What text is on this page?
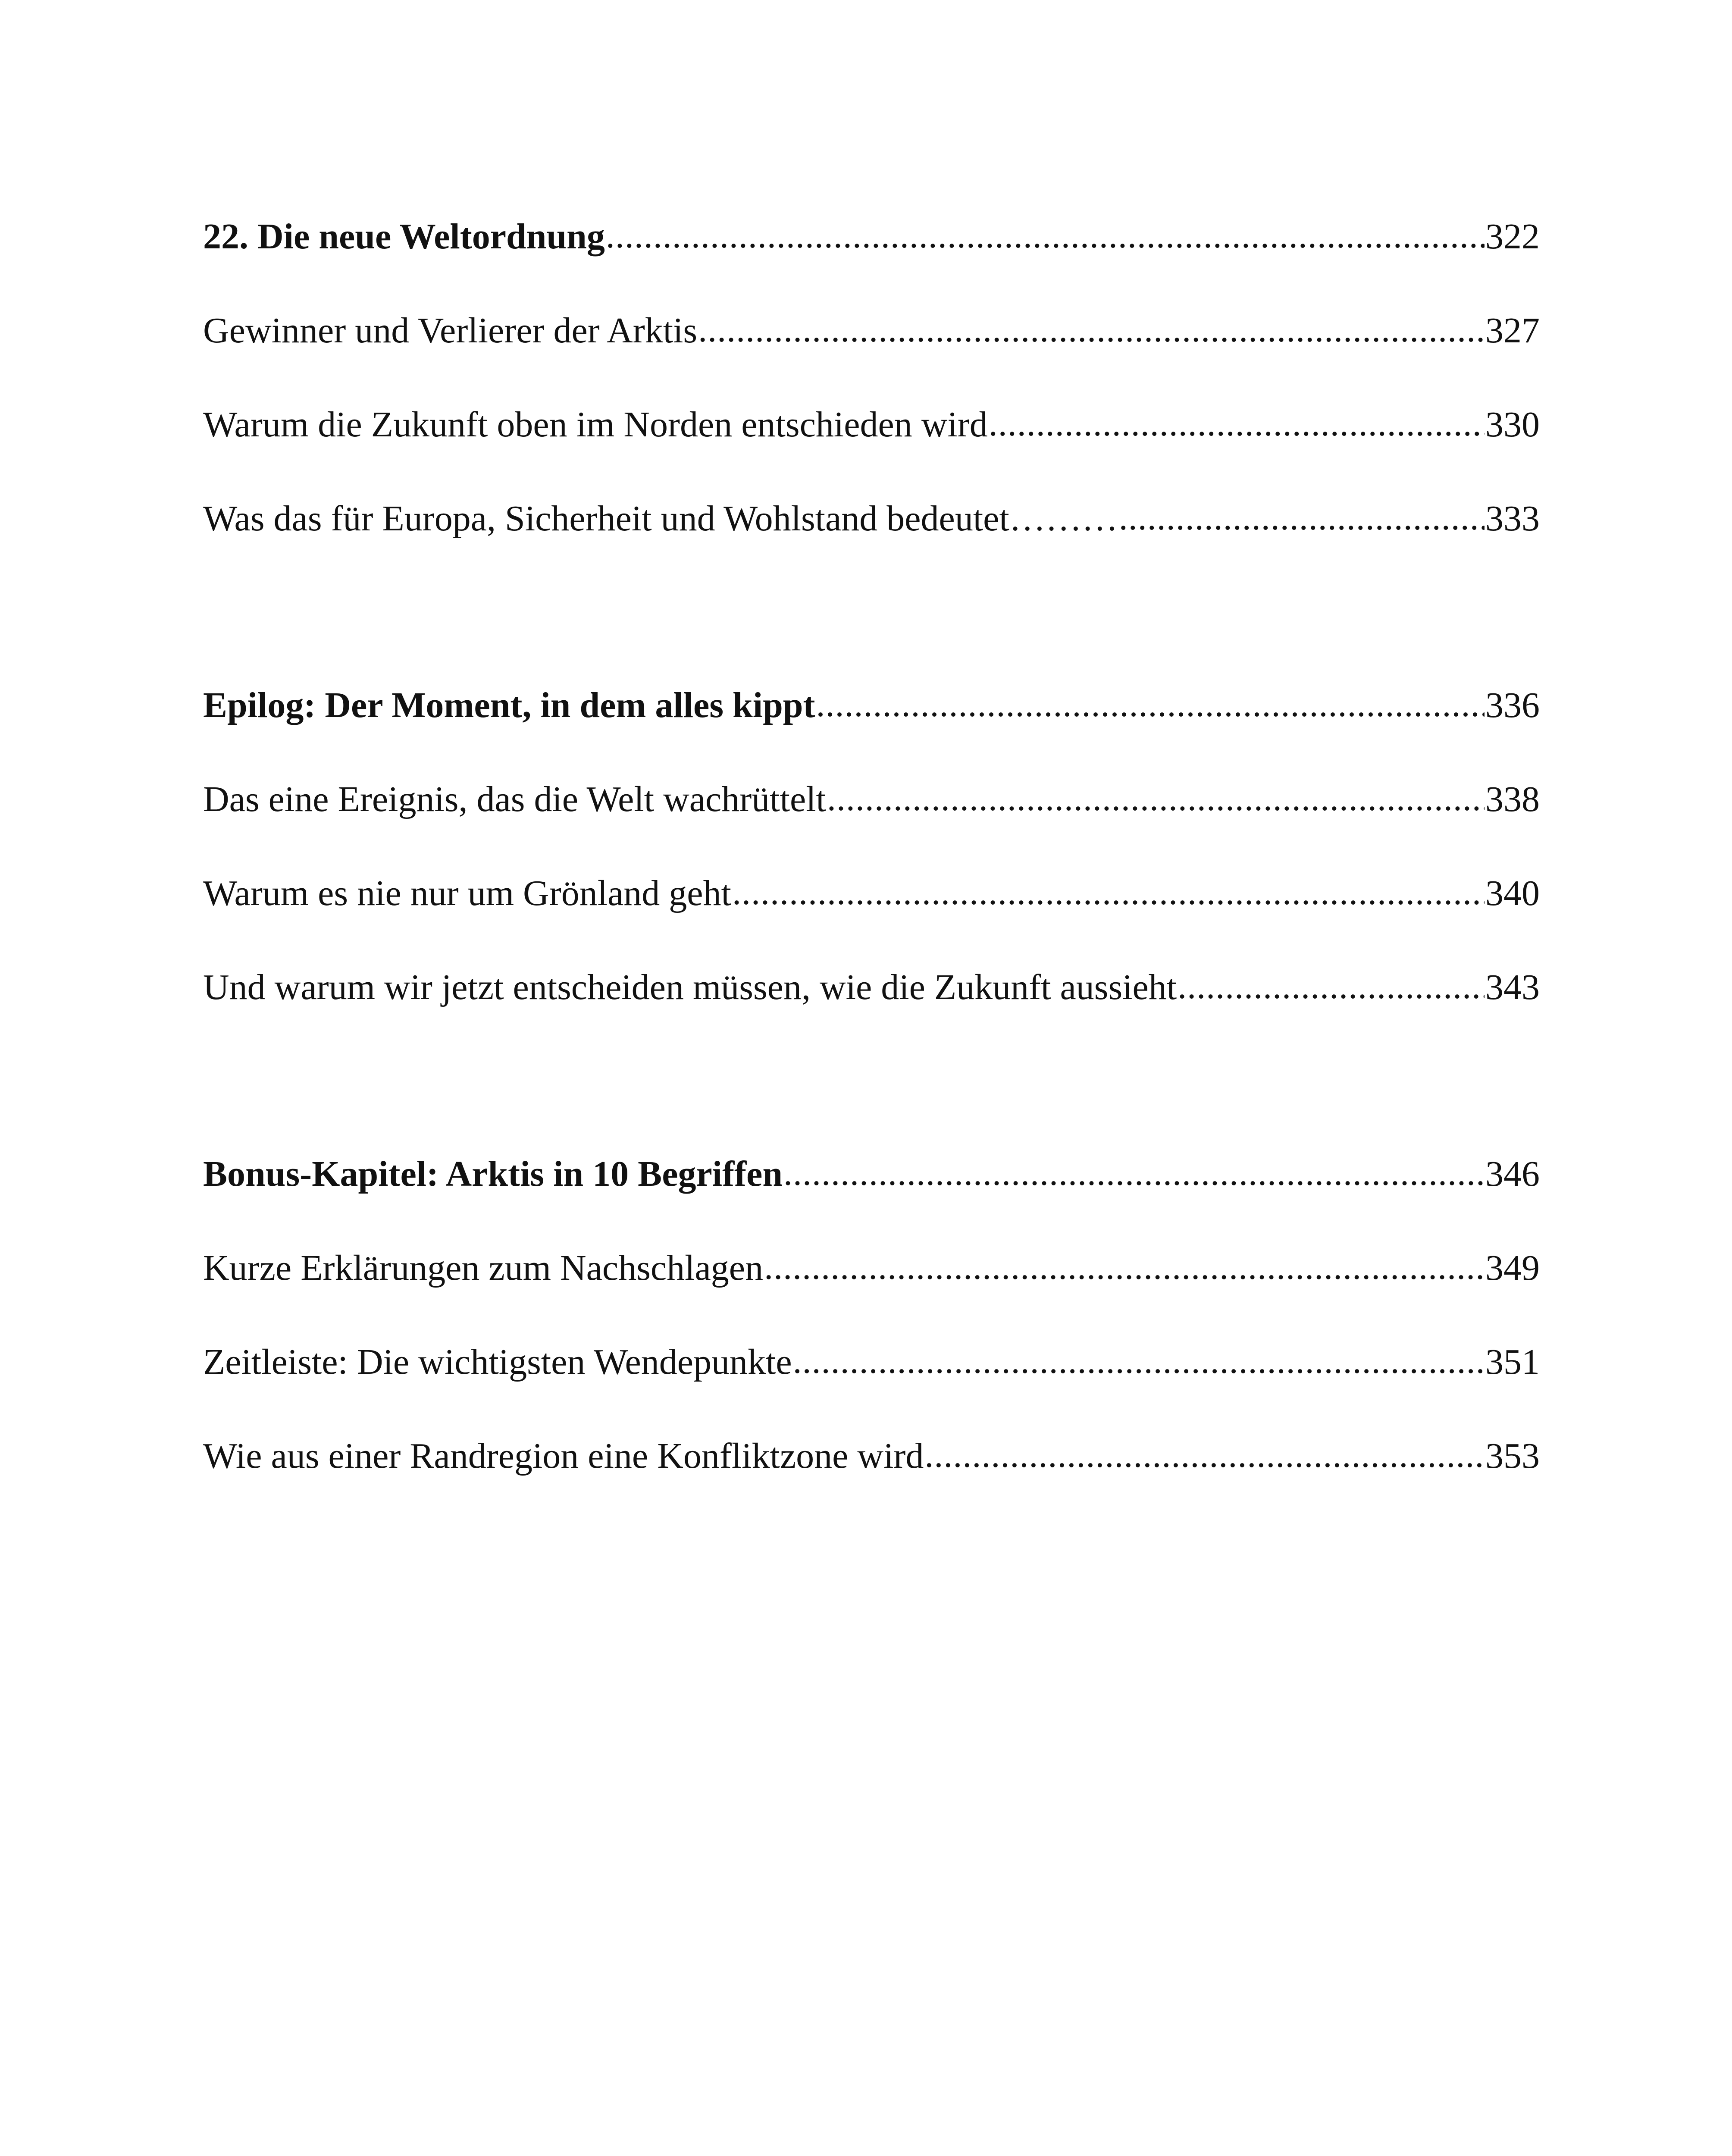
22. Die neue Weltordnung .....	322
Gewinner und Verlierer der Arktis .....	327
Warum die Zukunft oben im Norden entschieden wird .....	330
Was das für Europa, Sicherheit und Wohlstand bedeutet……… .....	333
Epilog: Der Moment, in dem alles kippt .....	336
Das eine Ereignis, das die Welt wachrüttelt .....	338
Warum es nie nur um Grönland geht .....	340
Und warum wir jetzt entscheiden müssen, wie die Zukunft aussieht .....	343
Bonus-Kapitel: Arktis in 10 Begriffen .....	346
Kurze Erklärungen zum Nachschlagen .....	349
Zeitleiste: Die wichtigsten Wendepunkte .....	351
Wie aus einer Randregion eine Konfliktzone wird .....	353
